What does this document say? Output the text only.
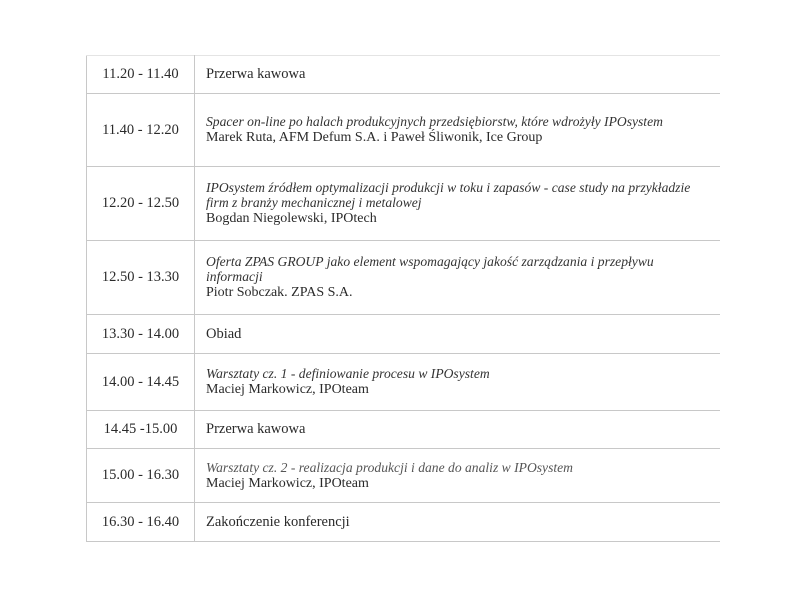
11.20 - 11.40	Przerwa kawowa

11.40 - 12.20	Spacer on-line po halach produkcyjnych przedsiębiorstw, które wdrożyły IPOsystem
Marek Ruta, AFM Defum S.A. i Paweł Śliwonik, Ice Group

12.20 - 12.50	IPOsystem źródłem optymalizacji produkcji w toku i zapasów - case study na przykładzie firm z branży mechanicznej i metalowej
Bogdan Niegolewski, IPOtech

12.50 - 13.30	Oferta ZPAS GROUP jako element wspomagający jakość zarządzania i przepływu informacji
Piotr Sobczak. ZPAS S.A.

13.30 - 14.00	Obiad

14.00 - 14.45	Warsztaty cz. 1 - definiowanie procesu w IPOsystem
Maciej Markowicz, IPOteam

14.45 -15.00	Przerwa kawowa

15.00 - 16.30	Warsztaty cz. 2 - realizacja produkcji i dane do analiz w IPOsystem
Maciej Markowicz, IPOteam

16.30 - 16.40	Zakończenie konferencji
